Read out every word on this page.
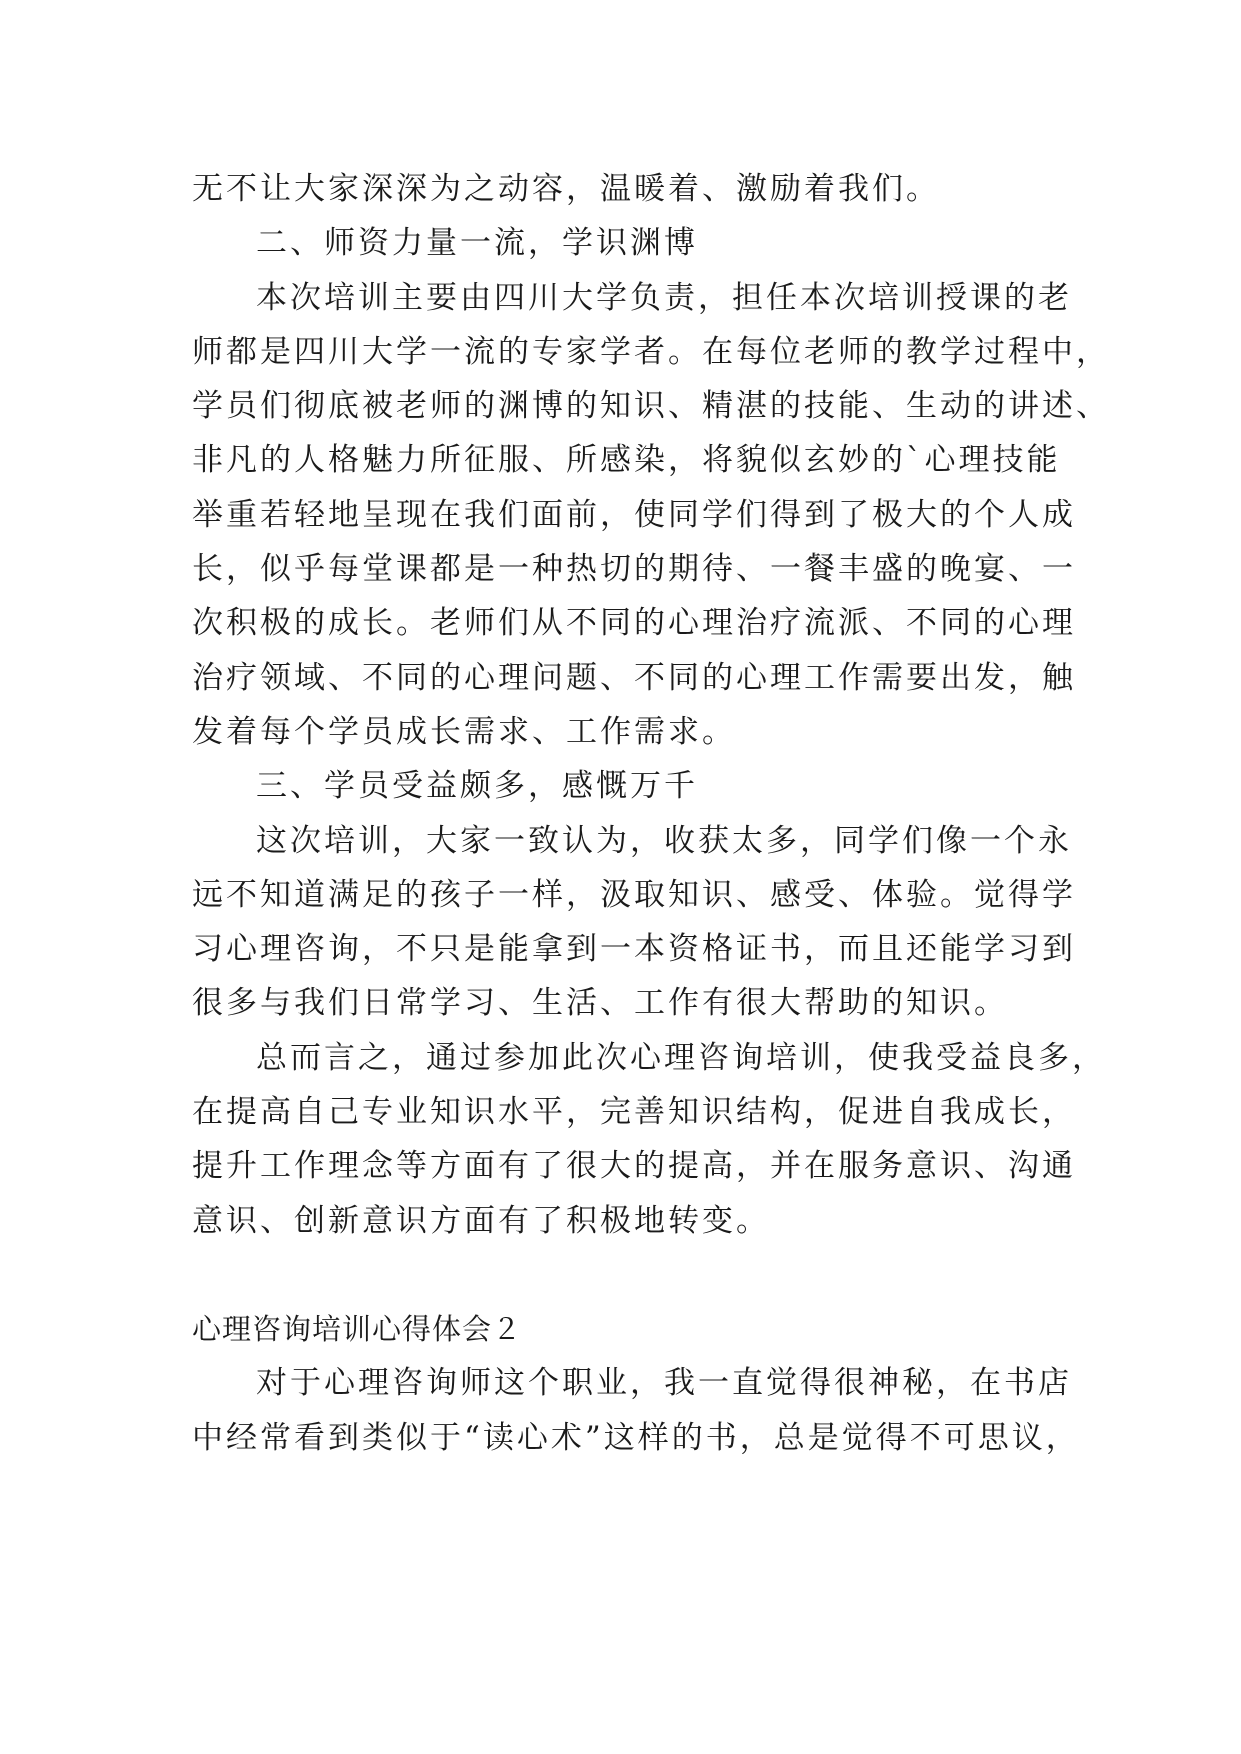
无不让大家深深为之动容，温暖着、激励着我们。
二、师资力量一流，学识渊博
本次培训主要由四川大学负责，担任本次培训授课的老
师都是四川大学一流的专家学者。在每位老师的教学过程中，
学员们彻底被老师的渊博的知识、精湛的技能、生动的讲述、
非凡的人格魅力所征服、所感染，将貌似玄妙的`心理技能
举重若轻地呈现在我们面前，使同学们得到了极大的个人成
长，似乎每堂课都是一种热切的期待、一餐丰盛的晚宴、一
次积极的成长。老师们从不同的心理治疗流派、不同的心理
治疗领域、不同的心理问题、不同的心理工作需要出发，触
发着每个学员成长需求、工作需求。
三、学员受益颇多，感慨万千
这次培训，大家一致认为，收获太多，同学们像一个永
远不知道满足的孩子一样，汲取知识、感受、体验。觉得学
习心理咨询，不只是能拿到一本资格证书，而且还能学习到
很多与我们日常学习、生活、工作有很大帮助的知识。
总而言之，通过参加此次心理咨询培训，使我受益良多，
在提高自己专业知识水平，完善知识结构，促进自我成长，
提升工作理念等方面有了很大的提高，并在服务意识、沟通
意识、创新意识方面有了积极地转变。
心理咨询培训心得体会２
对于心理咨询师这个职业，我一直觉得很神秘，在书店
中经常看到类似于“读心术”这样的书，总是觉得不可思议，
